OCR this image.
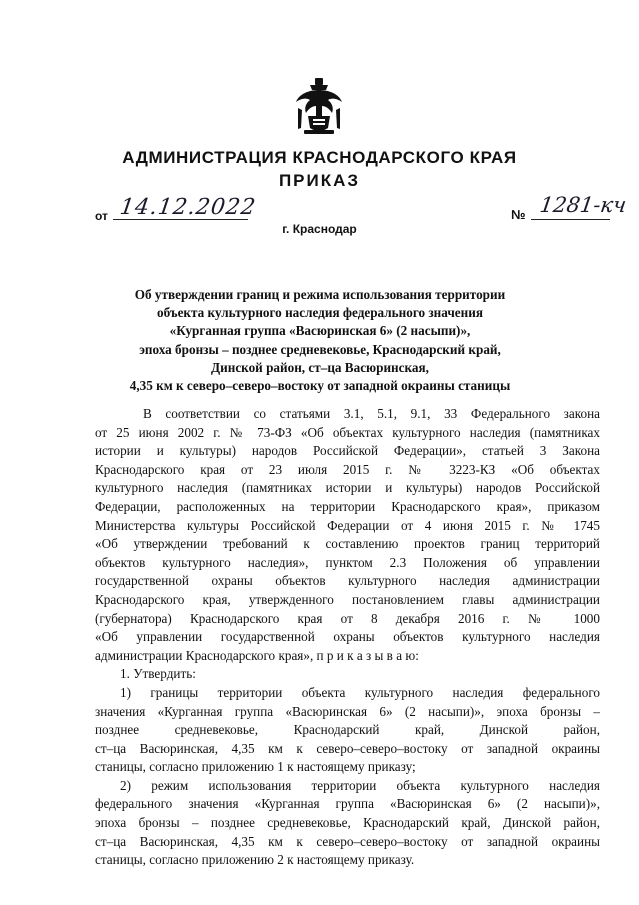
АДМИНИСТРАЦИЯ КРАСНОДАРСКОГО КРАЯ
ПРИКАЗ
от 14.12.2022	№ 1281-кч
г. Краснодар
Об утверждении границ и режима использования территории
объекта культурного наследия федерального значения
«Курганная группа «Васюринская 6» (2 насыпи)»,
эпоха бронзы – позднее средневековье, Краснодарский край,
Динской район, ст–ца Васюринская,
4,35 км к северо–северо–востоку от западной окраины станицы
В соответствии со статьями 3.1, 5.1, 9.1, 33 Федерального закона
от 25 июня 2002 г. № 73-ФЗ «Об объектах культурного наследия (памятниках
истории и культуры) народов Российской Федерации», статьей 3 Закона
Краснодарского края от 23 июля 2015 г. № 3223-КЗ «Об объектах
культурного наследия (памятниках истории и культуры) народов Российской
Федерации, расположенных на территории Краснодарского края», приказом
Министерства культуры Российской Федерации от 4 июня 2015 г. № 1745
«Об утверждении требований к составлению проектов границ территорий
объектов культурного наследия», пунктом 2.3 Положения об управлении
государственной охраны объектов культурного наследия администрации
Краснодарского края, утвержденного постановлением главы администрации
(губернатора) Краснодарского края от 8 декабря 2016 г. № 1000
«Об управлении государственной охраны объектов культурного наследия
администрации Краснодарского края», п р и к а з ы в а ю:
1. Утвердить:
1) границы территории объекта культурного наследия федерального
значения «Курганная группа «Васюринская 6» (2 насыпи)», эпоха бронзы –
позднее средневековье, Краснодарский край, Динской район,
ст–ца Васюринская, 4,35 км к северо–северо–востоку от западной окраины
станицы, согласно приложению 1 к настоящему приказу;
2) режим использования территории объекта культурного наследия
федерального значения «Курганная группа «Васюринская 6» (2 насыпи)»,
эпоха бронзы – позднее средневековье, Краснодарский край, Динской район,
ст–ца Васюринская, 4,35 км к северо–северо–востоку от западной окраины
станицы, согласно приложению 2 к настоящему приказу.
